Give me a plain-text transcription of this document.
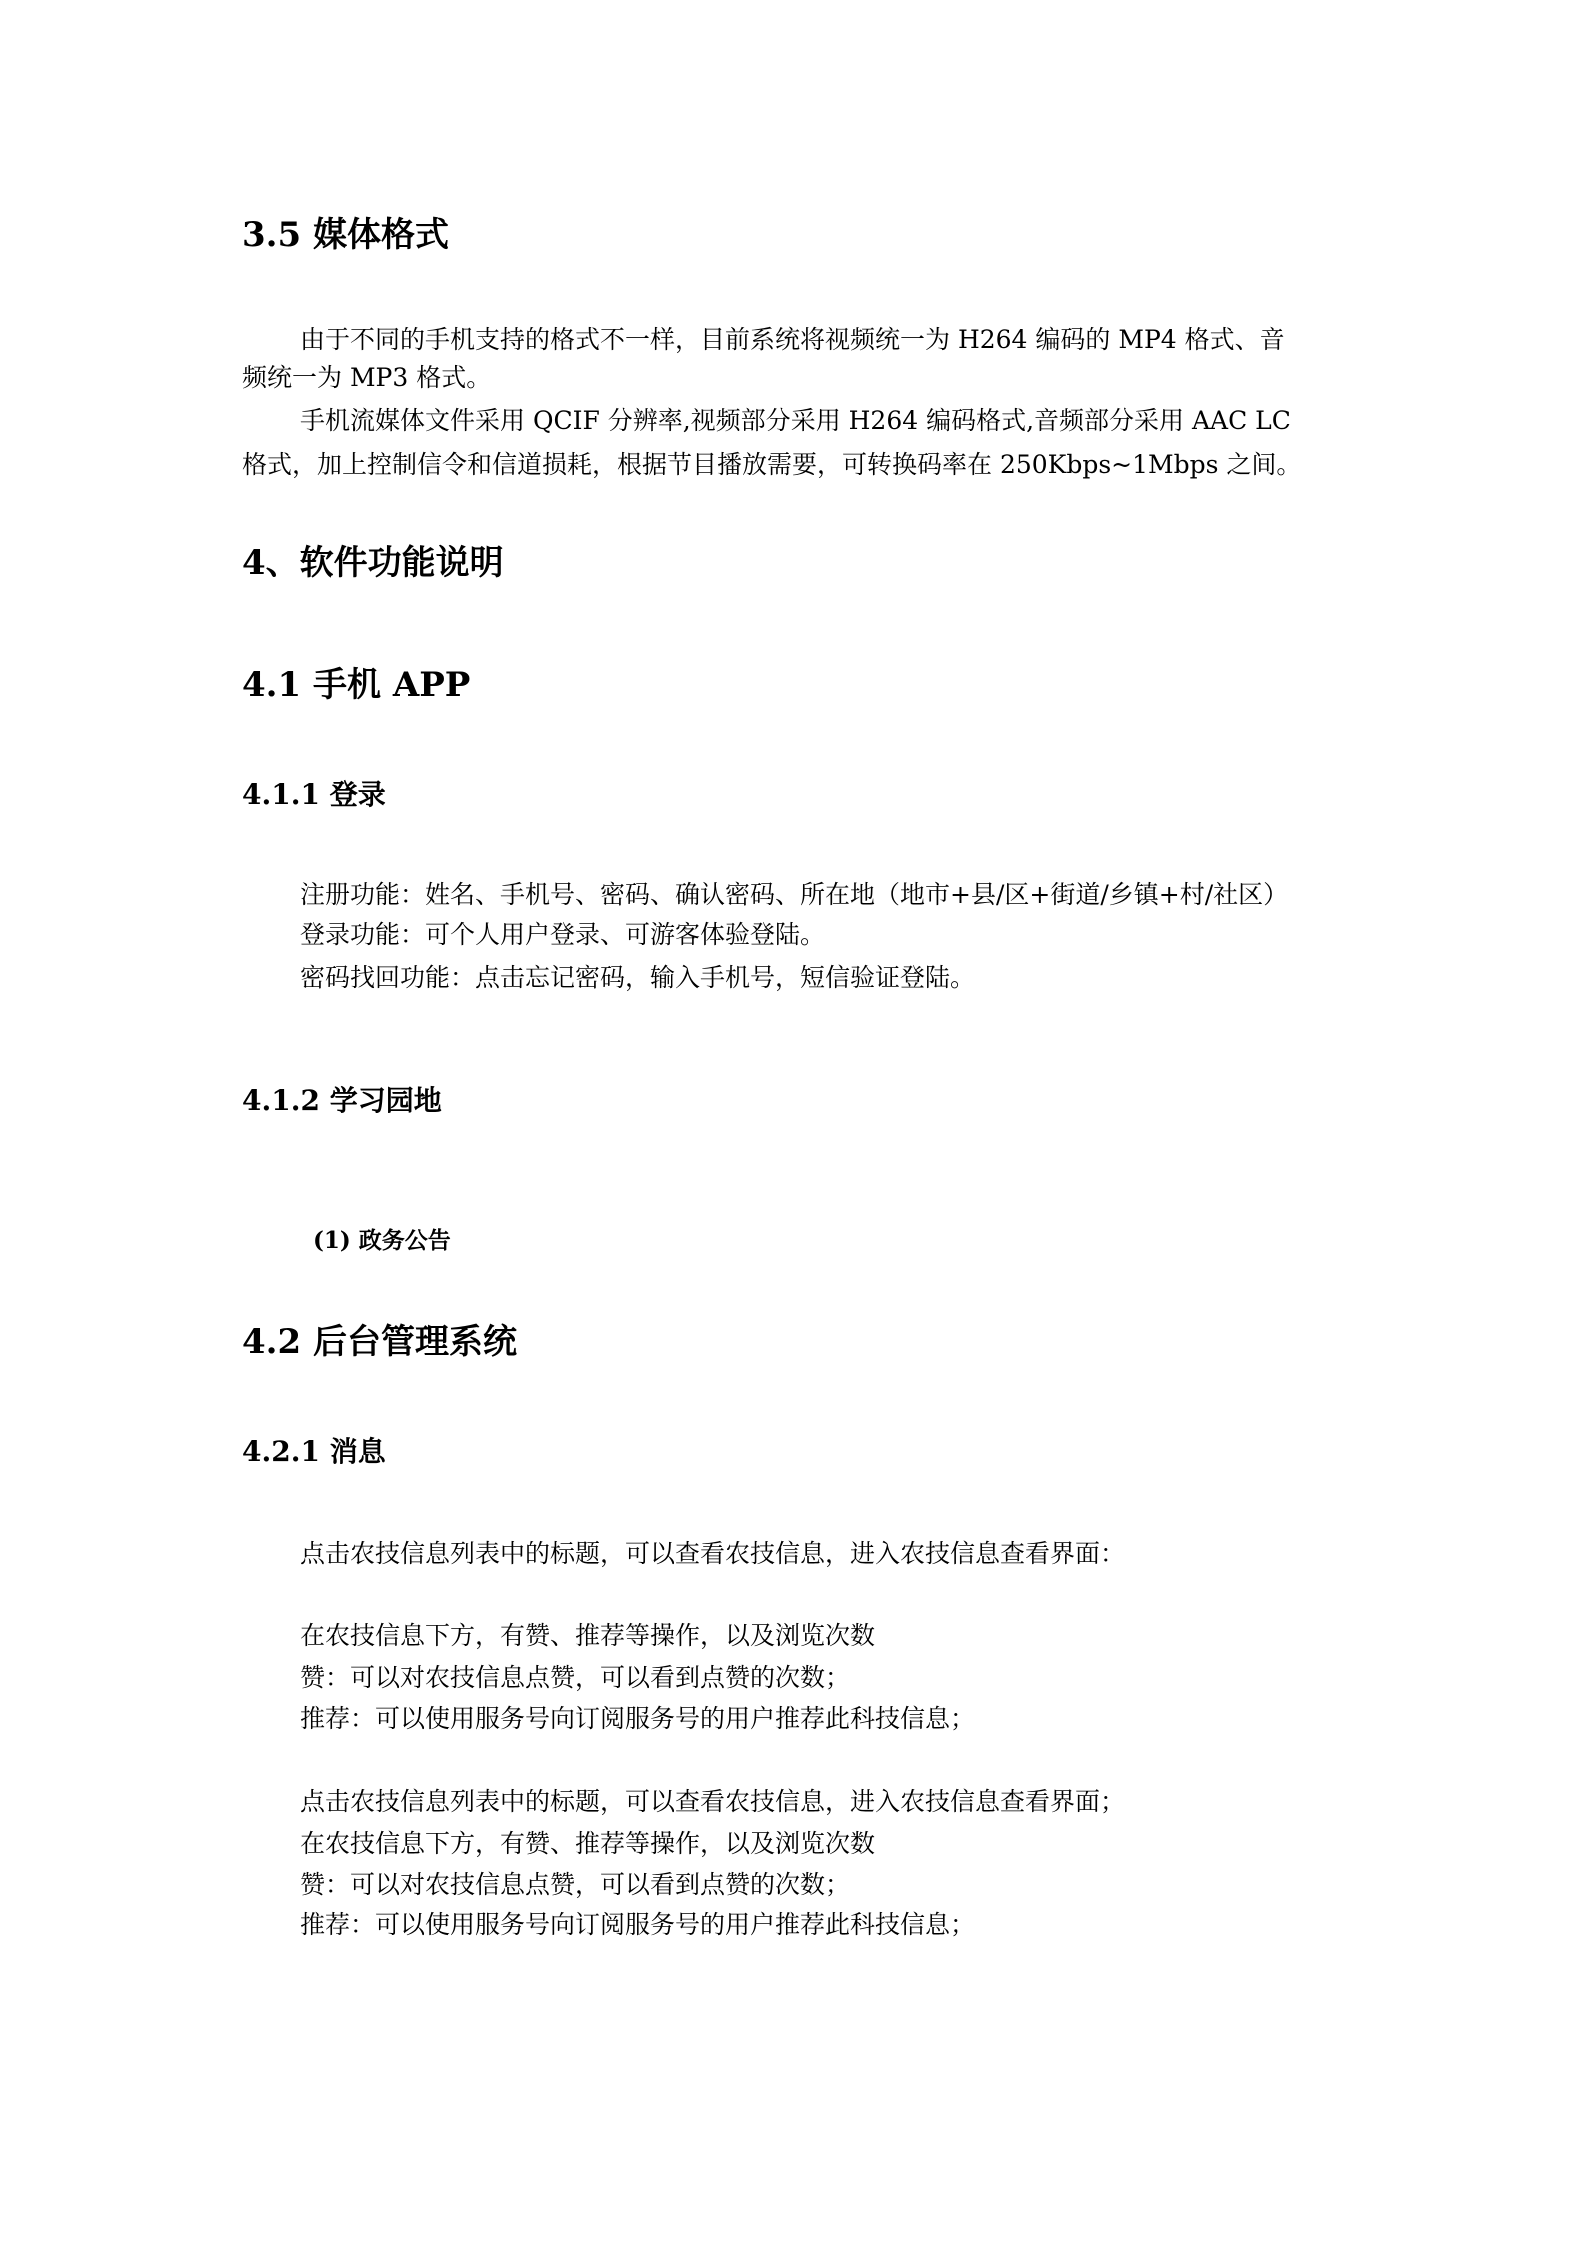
3.5 媒体格式
由于不同的手机支持的格式不一样，目前系统将视频统一为 H264 编码的 MP4 格式、音
频统一为 MP3 格式。
手机流媒体文件采用 QCIF 分辨率,视频部分采用 H264 编码格式,音频部分采用 AAC LC
格式，加上控制信令和信道损耗，根据节目播放需要，可转换码率在 250Kbps~1Mbps 之间。
4、软件功能说明
4.1 手机 APP
4.1.1 登录
注册功能：姓名、手机号、密码、确认密码、所在地（地市+县/区+街道/乡镇+村/社区）
登录功能：可个人用户登录、可游客体验登陆。
密码找回功能：点击忘记密码，输入手机号，短信验证登陆。
4.1.2 学习园地
(1) 政务公告
4.2 后台管理系统
4.2.1 消息
点击农技信息列表中的标题，可以查看农技信息，进入农技信息查看界面：
在农技信息下方，有赞、推荐等操作，以及浏览次数
赞：可以对农技信息点赞，可以看到点赞的次数；
推荐：可以使用服务号向订阅服务号的用户推荐此科技信息；
点击农技信息列表中的标题，可以查看农技信息，进入农技信息查看界面；
在农技信息下方，有赞、推荐等操作，以及浏览次数
赞：可以对农技信息点赞，可以看到点赞的次数；
推荐：可以使用服务号向订阅服务号的用户推荐此科技信息；
